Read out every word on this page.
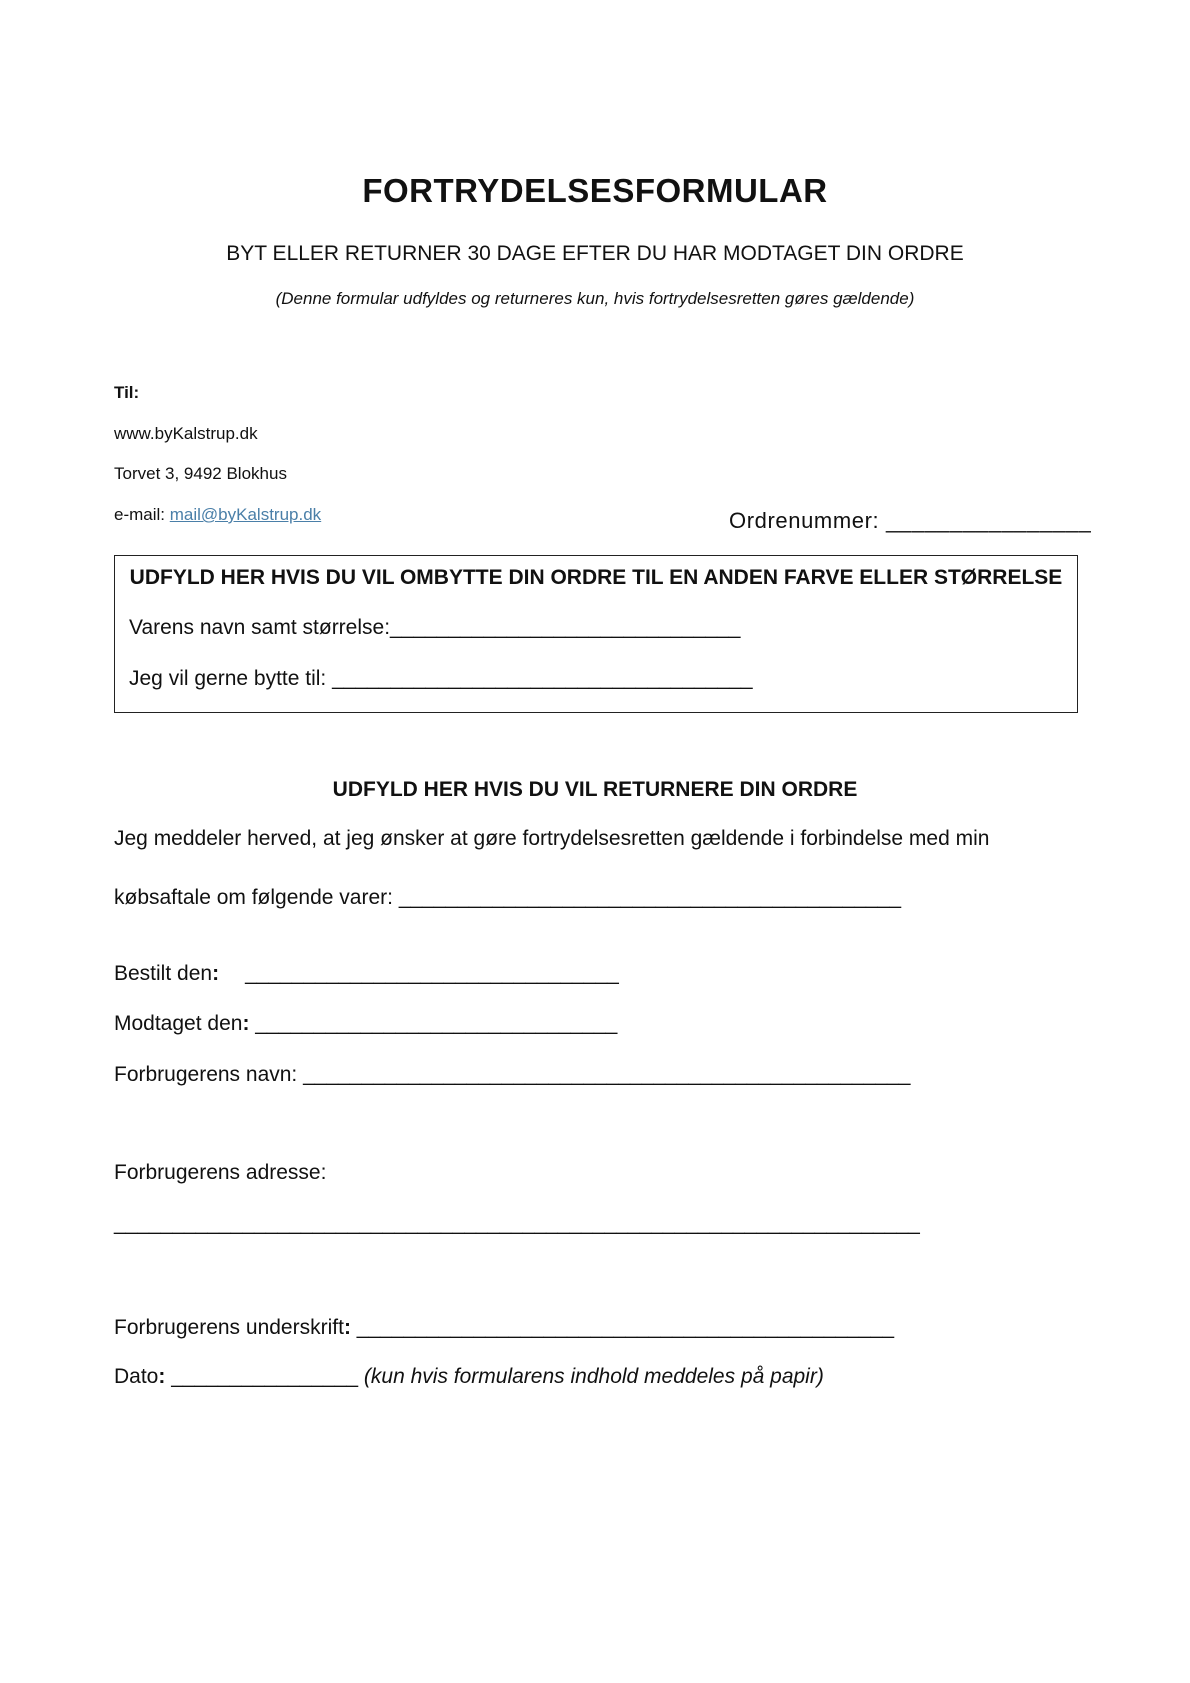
FORTRYDELSESFORMULAR
BYT ELLER RETURNER 30 DAGE EFTER DU HAR MODTAGET DIN ORDRE
(Denne formular udfyldes og returneres kun, hvis fortrydelsesretten gøres gældende)
Til:
www.byKalstrup.dk
Torvet 3, 9492 Blokhus
e-mail: mail@byKalstrup.dk	Ordrenummer: ________________
UDFYLD HER HVIS DU VIL OMBYTTE DIN ORDRE TIL EN ANDEN FARVE ELLER STØRRELSE
Varens navn samt størrelse:______________________________
Jeg vil gerne bytte til: ____________________________________
UDFYLD HER HVIS DU VIL RETURNERE DIN ORDRE
Jeg meddeler herved, at jeg ønsker at gøre fortrydelsesretten gældende i forbindelse med min
købsaftale om følgende varer: ___________________________________________
Bestilt den: ________________________________
Modtaget den: _______________________________
Forbrugerens navn: ____________________________________________________
Forbrugerens adresse:
_____________________________________________________________________
Forbrugerens underskrift: ______________________________________________
Dato: ________________ (kun hvis formularens indhold meddeles på papir)
